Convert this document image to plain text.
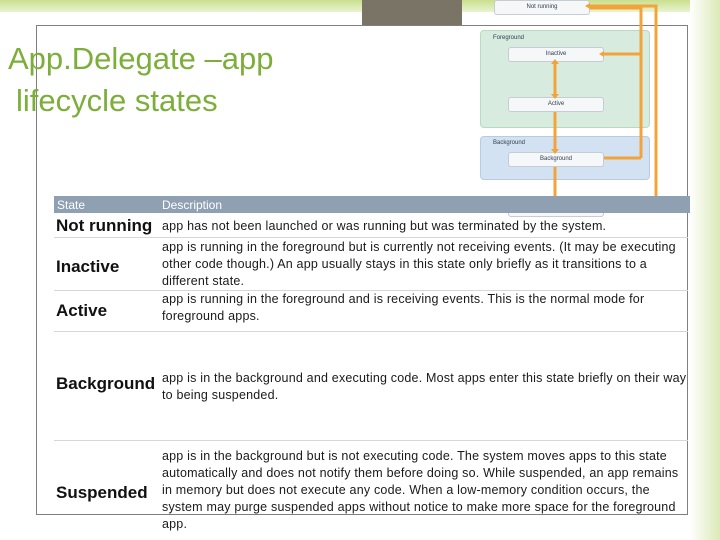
App.Delegate –app
lifecycle states
Not running
Foreground
Inactive
Active
Background
Background
State	Description
Not running app has not been launched or was running but was terminated by the system.
Inactive
app is running in the foreground but is currently not receiving events. (It may be executing other code though.) An app usually stays in this state only briefly as it transitions to a different state.
Active
app is running in the foreground and is receiving events. This is the normal mode for foreground apps.
Background app is in the background and executing code. Most apps enter this state briefly on their way to being suspended.
Suspended
app is in the background but is not executing code. The system moves apps to this state automatically and does not notify them before doing so. While suspended, an app remains in memory but does not execute any code. When a low-memory condition occurs, the system may purge suspended apps without notice to make more space for the foreground app.
